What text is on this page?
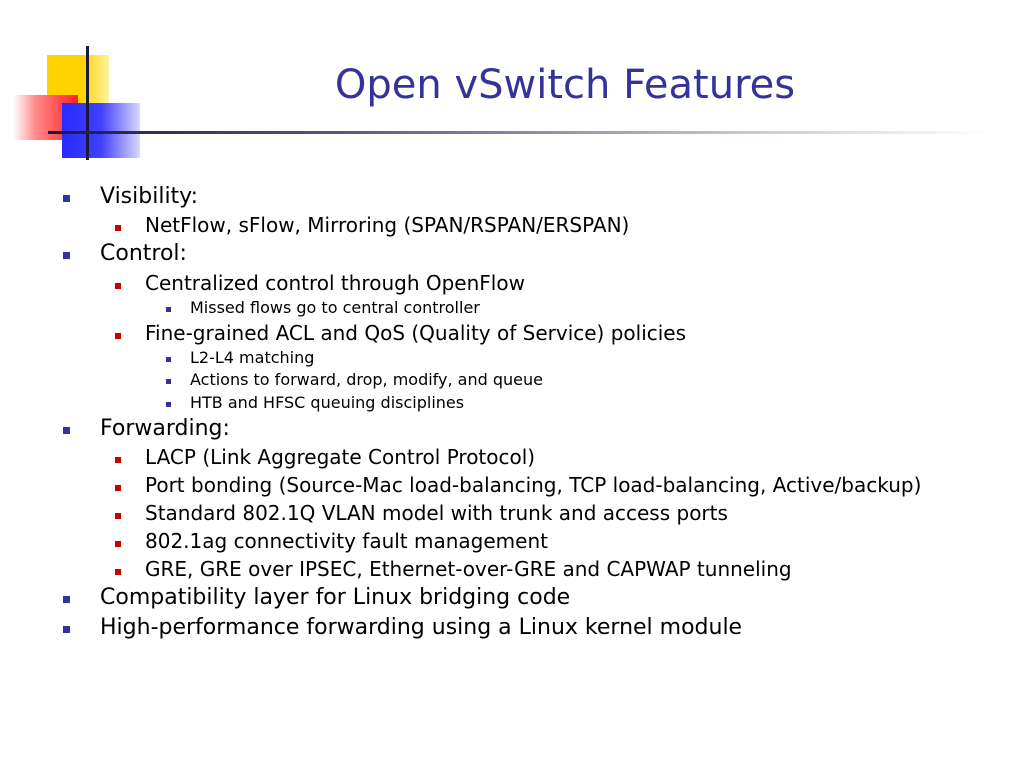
Open vSwitch Features
Visibility:
NetFlow, sFlow, Mirroring (SPAN/RSPAN/ERSPAN)
Control:
Centralized control through OpenFlow
Missed flows go to central controller
Fine-grained ACL and QoS (Quality of Service) policies
L2-L4 matching
Actions to forward, drop, modify, and queue
HTB and HFSC queuing disciplines
Forwarding:
LACP (Link Aggregate Control Protocol)
Port bonding (Source-Mac load-balancing, TCP load-balancing, Active/backup)
Standard 802.1Q VLAN model with trunk and access ports
802.1ag connectivity fault management
GRE, GRE over IPSEC, Ethernet-over-GRE and CAPWAP tunneling
Compatibility layer for Linux bridging code
High-performance forwarding using a Linux kernel module
